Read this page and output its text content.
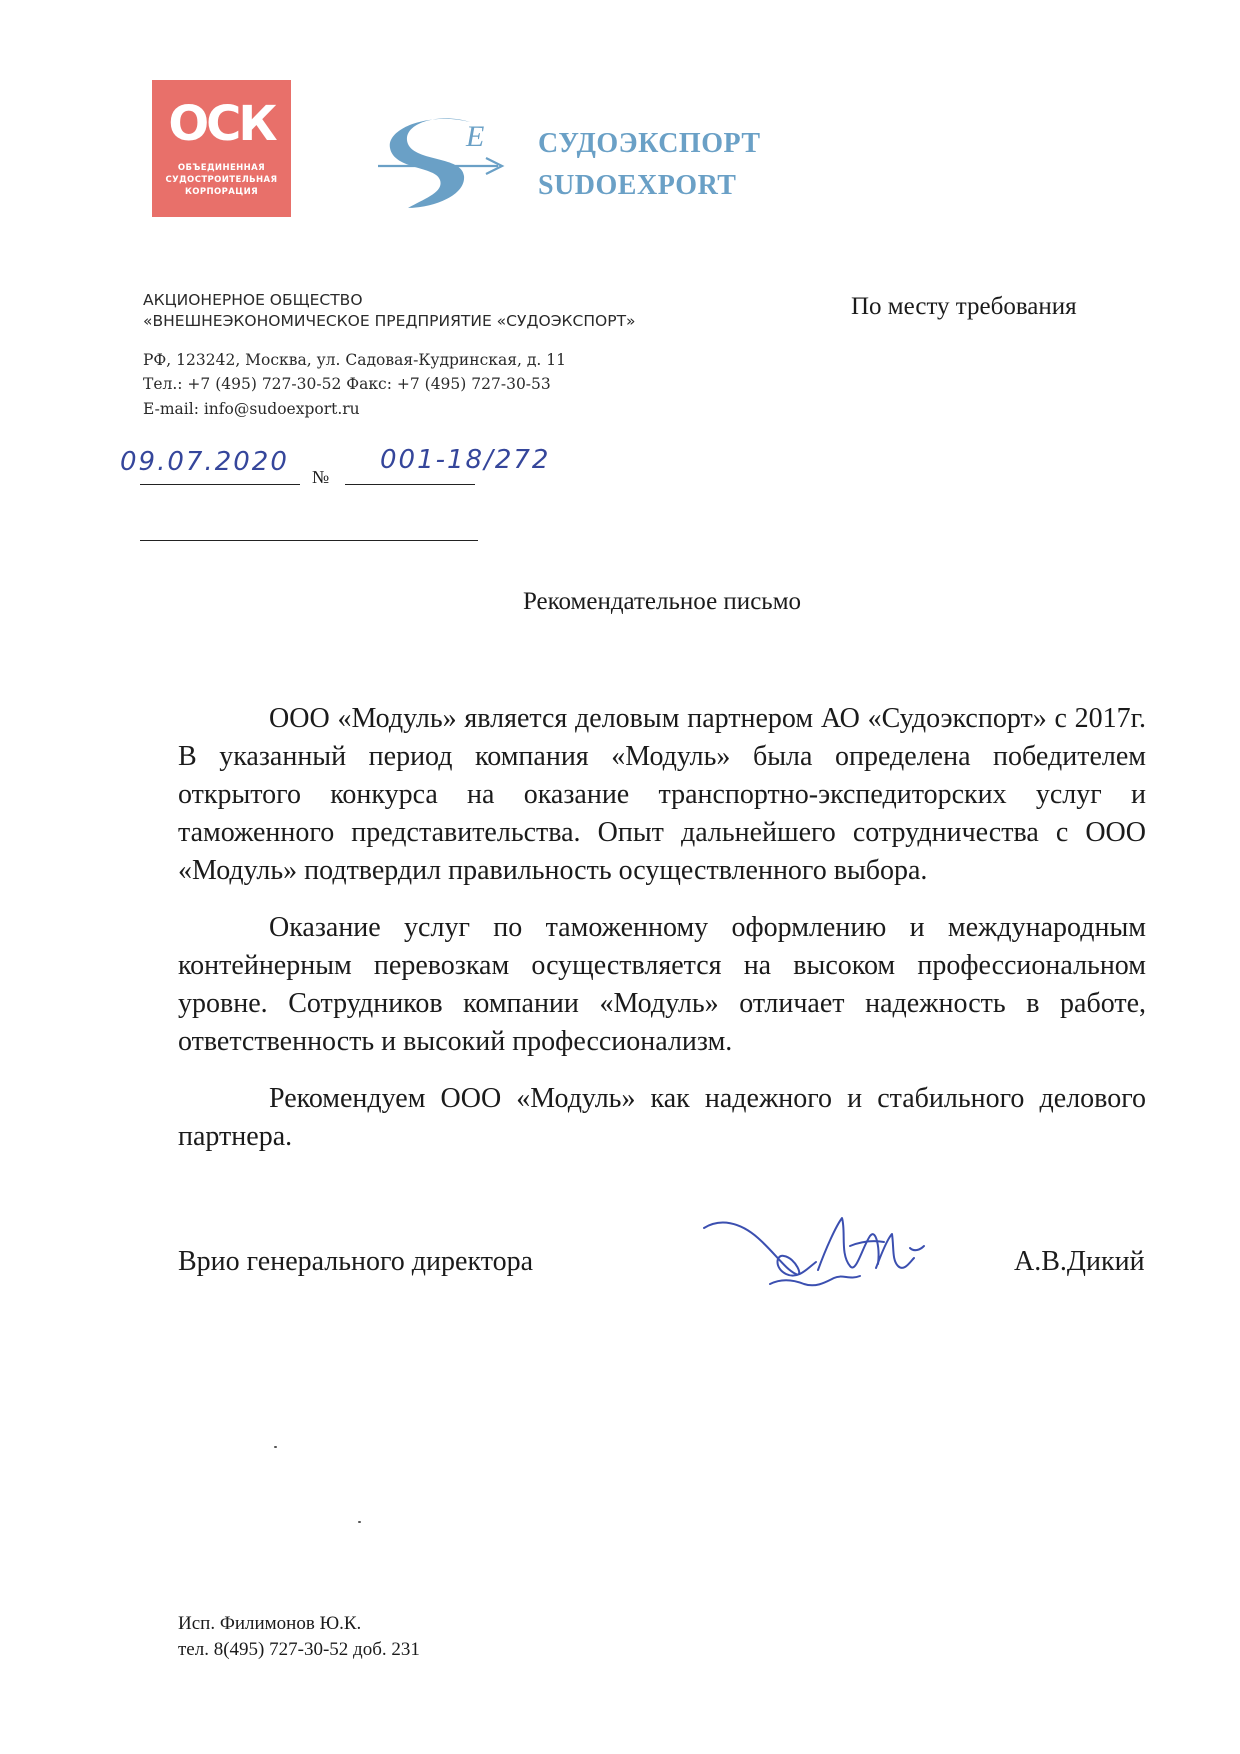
ОСК
ОБЪЕДИНЕННАЯ
СУДОСТРОИТЕЛЬНАЯ
КОРПОРАЦИЯ
E СУДОЭКСПОРТ
SUDOEXPORT
АКЦИОНЕРНОЕ ОБЩЕСТВО
«ВНЕШНЕЭКОНОМИЧЕСКОЕ ПРЕДПРИЯТИЕ «СУДОЭКСПОРТ»
РФ, 123242, Москва, ул. Садовая-Кудринская, д. 11
Тел.: +7 (495) 727-30-52 Факс: +7 (495) 727-30-53
E-mail: info@sudoexport.ru
По месту требования
09.07.2020 №
001-18/272
Рекомендательное письмо

ООО «Модуль» является деловым партнером АО «Судоэкспорт» с 2017г. В указанный период компания «Модуль» была определена победителем открытого конкурса на оказание транспортно-экспедиторских услуг и таможенного представительства. Опыт дальнейшего сотрудничества с ООО «Модуль» подтвердил правильность осуществленного выбора.

Оказание услуг по таможенному оформлению и международным контейнерным перевозкам осуществляется на высоком профессиональном уровне. Сотрудников компании «Модуль» отличает надежность в работе, ответственность и высокий профессионализм.

Рекомендуем ООО «Модуль» как надежного и стабильного делового партнера.

Врио генерального директора	А.В.Дикий
Исп. Филимонов Ю.К.
тел. 8(495) 727-30-52 доб. 231
